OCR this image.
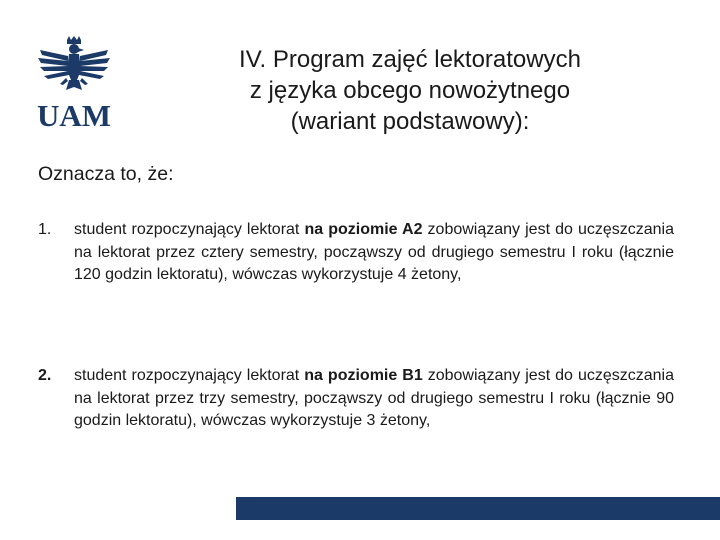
UAM
IV. Program zajęć lektoratowych
z języka obcego nowożytnego
(wariant podstawowy):
Oznacza to, że:
1. student rozpoczynający lektorat na poziomie A2 zobowiązany jest do uczęszczania na lektorat przez cztery semestry, począwszy od drugiego semestru I roku (łącznie 120 godzin lektoratu), wówczas wykorzystuje 4 żetony,
2. student rozpoczynający lektorat na poziomie B1 zobowiązany jest do uczęszczania na lektorat przez trzy semestry, począwszy od drugiego semestru I roku (łącznie 90 godzin lektoratu), wówczas wykorzystuje 3 żetony,
